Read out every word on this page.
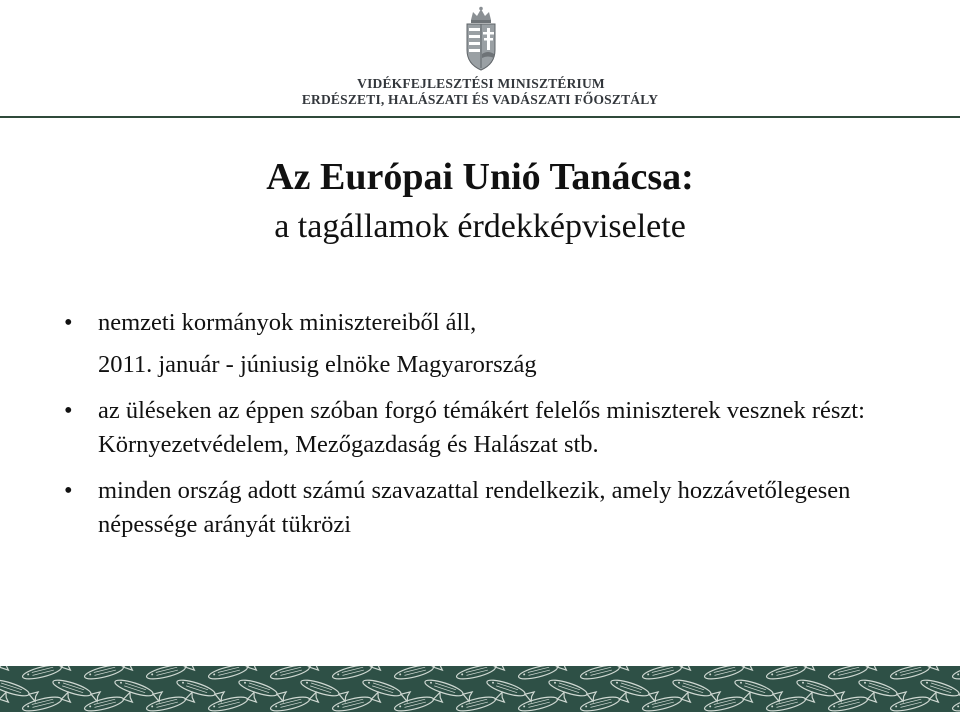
VIDÉKFEJLESZTÉSI MINISZTÉRIUM
ERDÉSZETI, HALÁSZATI ÉS VADÁSZATI FŐOSZTÁLY
Az Európai Unió Tanácsa:
a tagállamok érdekképviselete
• nemzeti kormányok minisztereiből áll,
2011. január - júniusig elnöke Magyarország
• az üléseken az éppen szóban forgó témákért felelős miniszterek vesznek részt: Környezetvédelem, Mezőgazdaság és Halászat stb.
• minden ország adott számú szavazattal rendelkezik, amely hozzávetőlegesen népessége arányát tükrözi
